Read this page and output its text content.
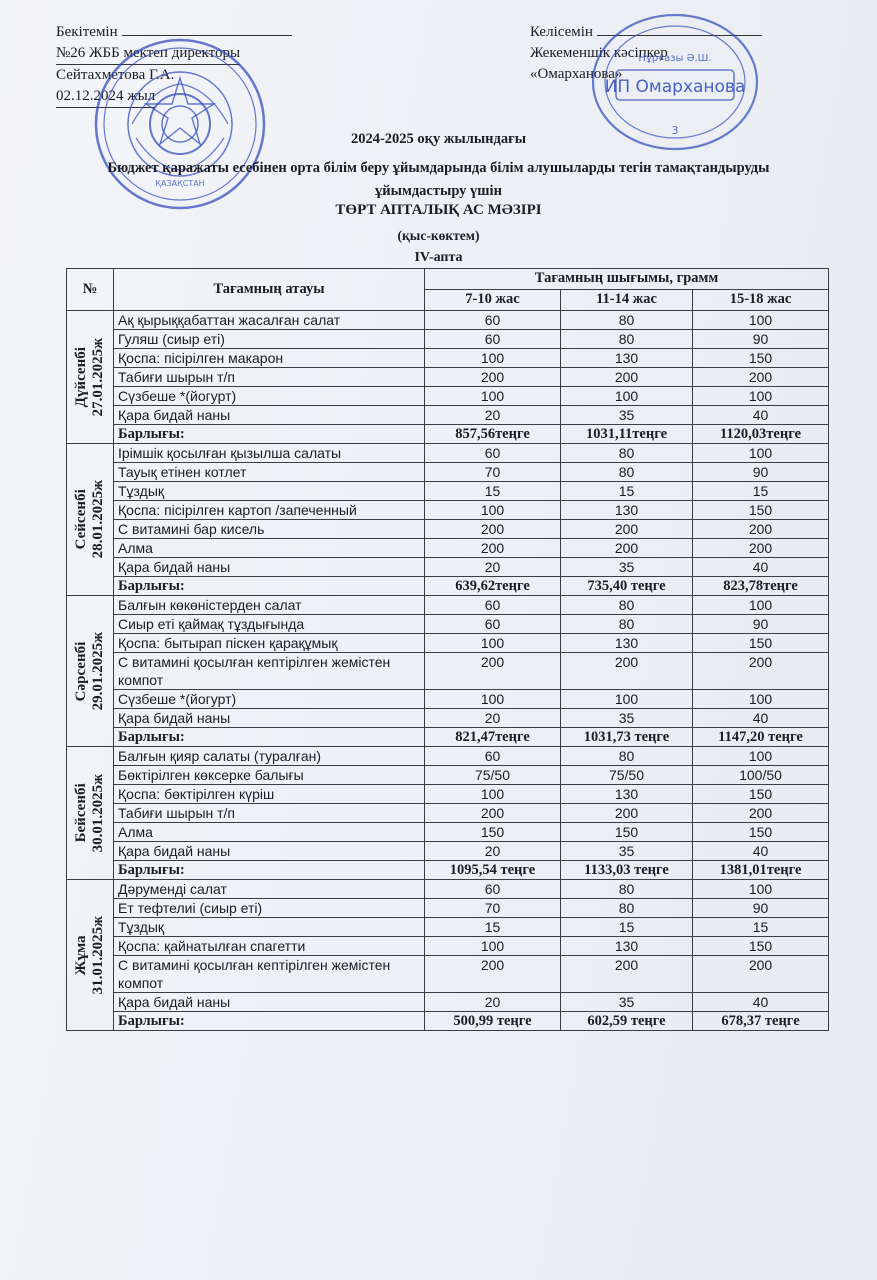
Бекітемін
№26 ЖББ мектеп директоры
Сейтахметова Г.А.
02.12.2024 жыл
Келісемін
Жекеменшік кәсіпкер
«Омарханова»
ҚАЗАҚСТАН
Нұрғазы Ә.Ш.
ИП Омарханова
3
2024-2025 оқу жылындағы
Бюджет қаражаты есебінен орта білім беру ұйымдарында білім алушыларды тегін тамақтандыруды ұйымдастыру үшін
ТӨРТ АПТАЛЫҚ АС МӘЗІРІ
(қыс-көктем)
IV-апта
№	Тағамның атауы	Тағамның шығымы, грамм		
		7-10 жас	11-14 жас	15-18 жас

Дүйсенбі 27.01.2025ж	Ақ қырыққабаттан жасалған салат	60	80	100
	Гуляш (сиыр еті)	60	80	90
	Қоспа: пісірілген макарон	100	130	150
	Табиғи шырын т/п	200	200	200
	Сүзбеше *(йогурт)	100	100	100
	Қара бидай наны	20	35	40
	Барлығы:	857,56теңге	1031,11теңге	1120,03теңге

Сейсенбі 28.01.2025ж	Ірімшік қосылған қызылша салаты	60	80	100
	Тауық етінен котлет	70	80	90
	Тұздық	15	15	15
	Қоспа: пісірілген картоп /запеченный	100	130	150
	С витамині бар кисель	200	200	200
	Алма	200	200	200
	Қара бидай наны	20	35	40
	Барлығы:	639,62теңге	735,40 теңге	823,78теңге

Сәрсенбі 29.01.2025ж	Балғын көкөністерден салат	60	80	100
	Сиыр еті қаймақ тұздығында	60	80	90
	Қоспа: бытырап піскен қарақұмық	100	130	150
	С витамині қосылған кептірілген жемістен компот	200	200	200
	Сүзбеше *(йогурт)	100	100	100
	Қара бидай наны	20	35	40
	Барлығы:	821,47теңге	1031,73 теңге	1147,20 теңге

Бейсенбі 30.01.2025ж	Балғын қияр салаты (туралған)	60	80	100
	Бөктірілген көксерке балығы	75/50	75/50	100/50
	Қоспа: бөктірілген күріш	100	130	150
	Табиғи шырын т/п	200	200	200
	Алма	150	150	150
	Қара бидай наны	20	35	40
	Барлығы:	1095,54 теңге	1133,03 теңге	1381,01теңге

Жұма 31.01.2025ж	Дәруменді салат	60	80	100
	Ет тефтелиі (сиыр еті)	70	80	90
	Тұздық	15	15	15
	Қоспа: қайнатылған спагетти	100	130	150
	С витамині қосылған кептірілген жемістен компот	200	200	200
	Қара бидай наны	20	35	40
	Барлығы:	500,99 теңге	602,59 теңге	678,37 теңге
